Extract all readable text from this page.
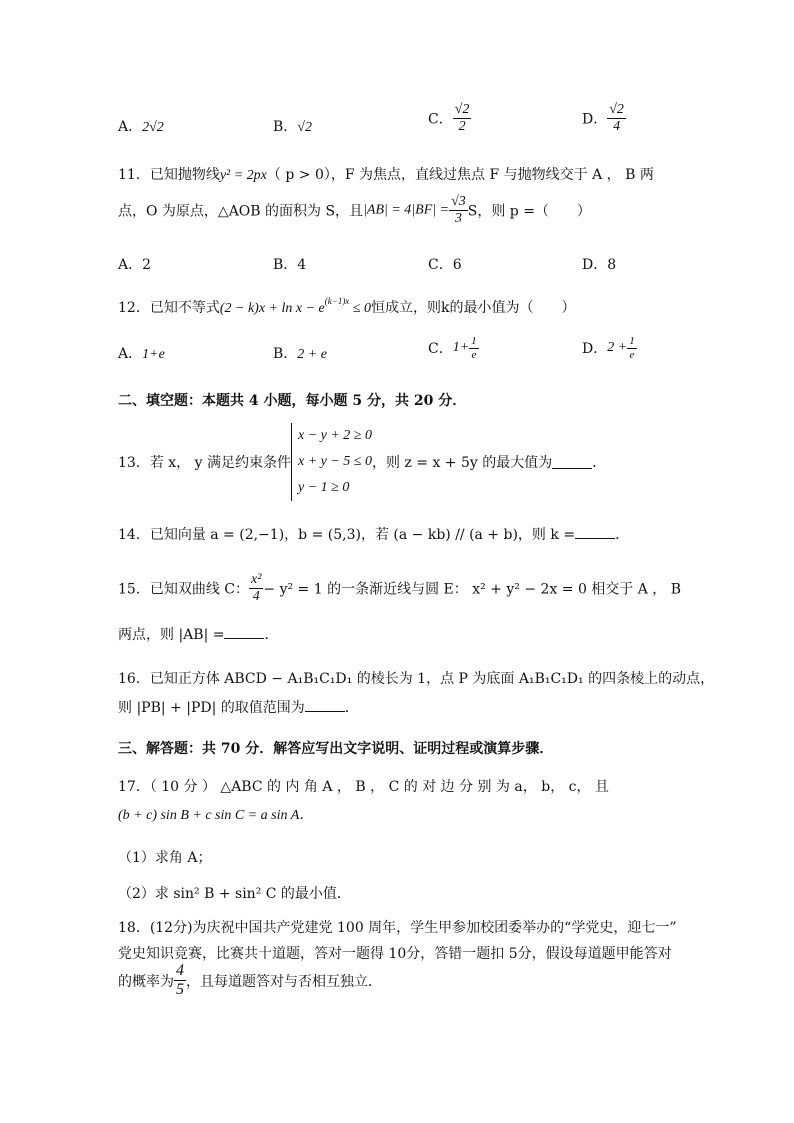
A．2√2	B．√2	C． $\frac{√2}{2}$	D． $\frac{√2}{4}$
11．已知抛物线y² = 2px（ p > 0），F 为焦点，直线过焦点 F 与抛物线交于 A ， B 两
点，O 为原点，△AOB 的面积为 S，且$|AB| = 4|BF| = \frac{√3}{3}$ S，则 p =（　　）
A．2	B．4	C．6	D．8
12．已知不等式$(2 - k)x + \ln x - e^{(k-1)x} \le 0$恒成立，则k的最小值为（　　）
A．1+e	B．2 + e	C．$1+ \frac{1}{e}$	D．$2 + \frac{1}{e}$
二、填空题：本题共 4 小题，每小题 5 分，共 20 分．
13．若 x， y 满足约束条件
x − y + 2 ≥ 0
x + y − 5 ≤ 0
y − 1 ≥ 0
，则 z = x + 5y 的最大值为	．
14．已知向量 a = (2,−1)，b = (5,3)，若 (a − kb) // (a + b)，则 k =	．
15．已知双曲线 C： $\frac{\text{x²}}{4} - y^2 = 1$ 的一条渐近线与圆 E： x² + y² − 2x = 0 相交于 A ， B
两点，则 |AB| =	．
16．已知正方体 ABCD − A₁B₁C₁D₁ 的棱长为 1，点 P 为底面 A₁B₁C₁D₁ 的四条棱上的动点，
则 |PB| + |PD| 的取值范围为	．
三、解答题：共 70 分．解答应写出文字说明、证明过程或演算步骤．
17．（ 10 分 ） △ABC 的 内 角 A ， B ， C 的 对 边 分 别 为 a， b， c， 且
(b + c) sin B + c sin C = a sin A．
（1）求角 A；
（2）求 sin² B + sin² C 的最小值．
18．(12分)为庆祝中国共产党建党 100 周年，学生甲参加校团委举办的“学党史，迎七一”
党史知识竞赛，比赛共十道题，答对一题得 10分，答错一题扣 5分，假设每道题甲能答对
的概率为 $\frac{4}{5}$ ，且每道题答对与否相互独立．
